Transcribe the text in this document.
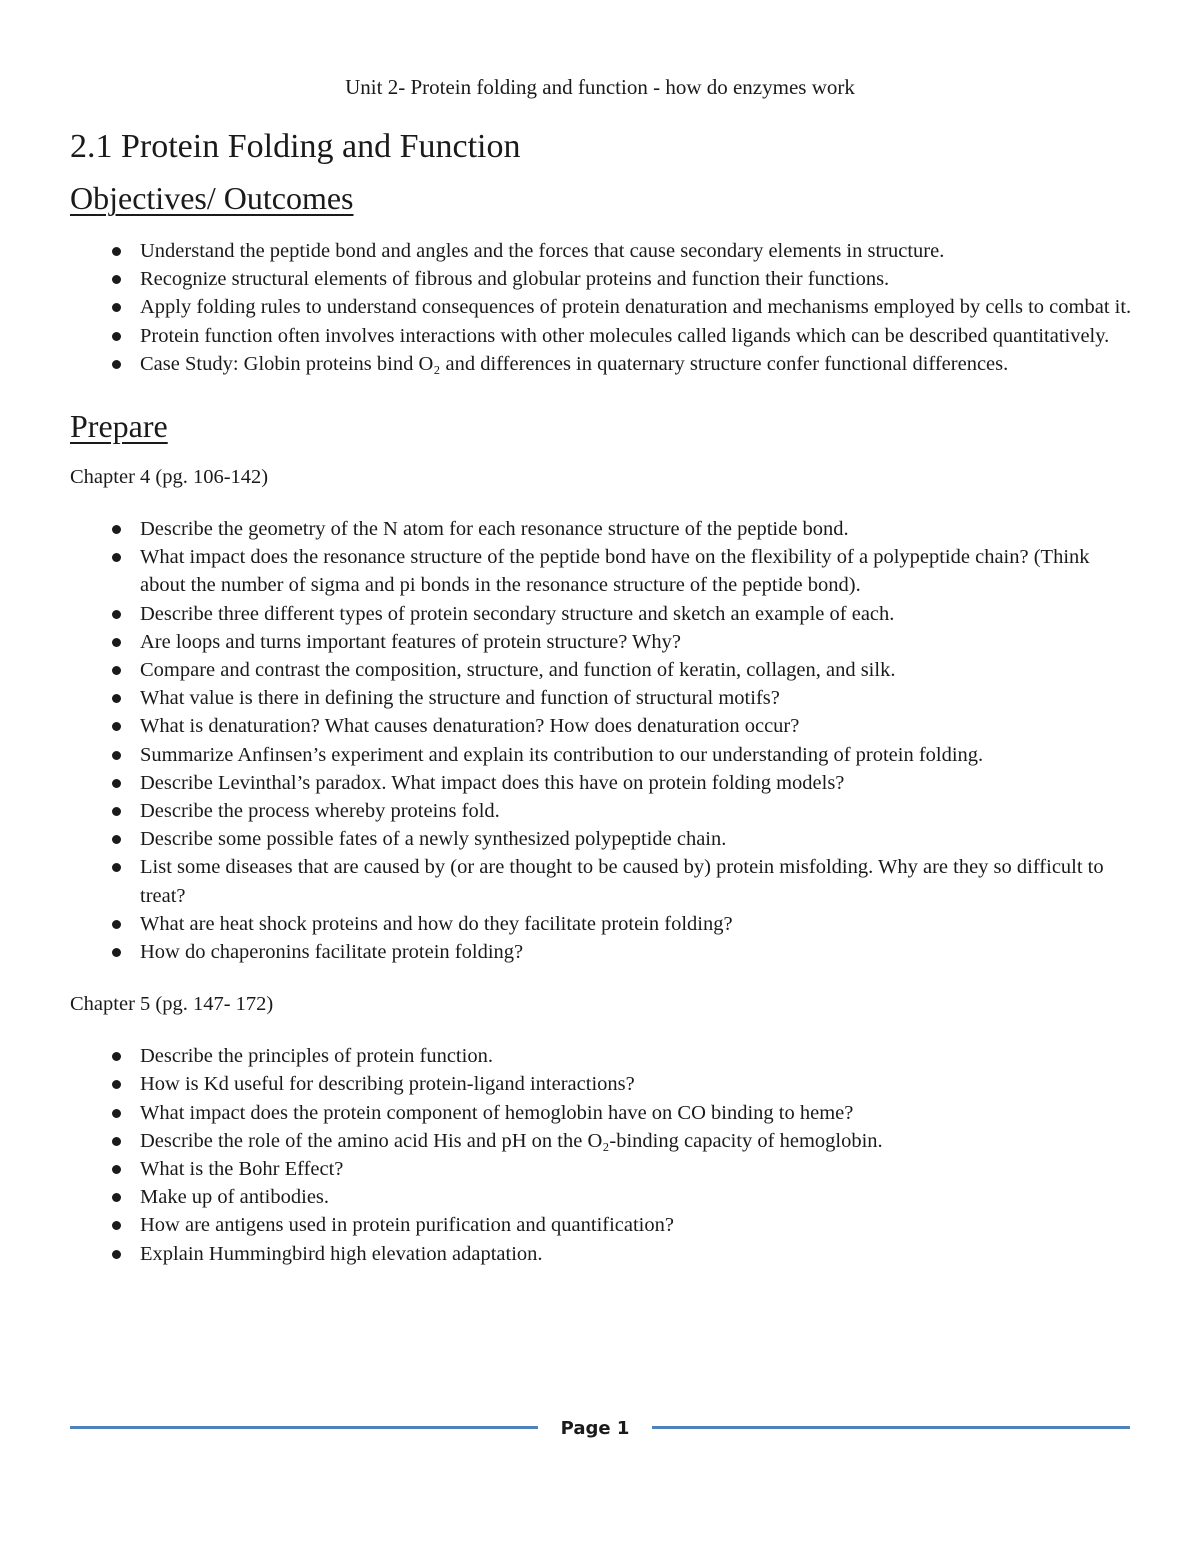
Unit 2- Protein folding and function - how do enzymes work
2.1 Protein Folding and Function
Objectives/ Outcomes
Understand the peptide bond and angles and the forces that cause secondary elements in structure.
Recognize structural elements of fibrous and globular proteins and function their functions.
Apply folding rules to understand consequences of protein denaturation and mechanisms employed by cells to combat it.
Protein function often involves interactions with other molecules called ligands which can be described quantitatively.
Case Study: Globin proteins bind O₂ and differences in quaternary structure confer functional differences.
Prepare

Chapter 4 (pg. 106-142)

Describe the geometry of the N atom for each resonance structure of the peptide bond.
What impact does the resonance structure of the peptide bond have on the flexibility of a polypeptide chain? (Think about the number of sigma and pi bonds in the resonance structure of the peptide bond).
Describe three different types of protein secondary structure and sketch an example of each.
Are loops and turns important features of protein structure? Why?
Compare and contrast the composition, structure, and function of keratin, collagen, and silk.
What value is there in defining the structure and function of structural motifs?
What is denaturation? What causes denaturation? How does denaturation occur?
Summarize Anfinsen’s experiment and explain its contribution to our understanding of protein folding.
Describe Levinthal’s paradox. What impact does this have on protein folding models?
Describe the process whereby proteins fold.
Describe some possible fates of a newly synthesized polypeptide chain.
List some diseases that are caused by (or are thought to be caused by) protein misfolding. Why are they so difficult to treat?
What are heat shock proteins and how do they facilitate protein folding?
How do chaperonins facilitate protein folding?

Chapter 5 (pg. 147- 172)

Describe the principles of protein function.
How is Kd useful for describing protein-ligand interactions?
What impact does the protein component of hemoglobin have on CO binding to heme?
Describe the role of the amino acid His and pH on the O₂-binding capacity of hemoglobin.
What is the Bohr Effect?
Make up of antibodies.
How are antigens used in protein purification and quantification?
Explain Hummingbird high elevation adaptation.
Page 1
